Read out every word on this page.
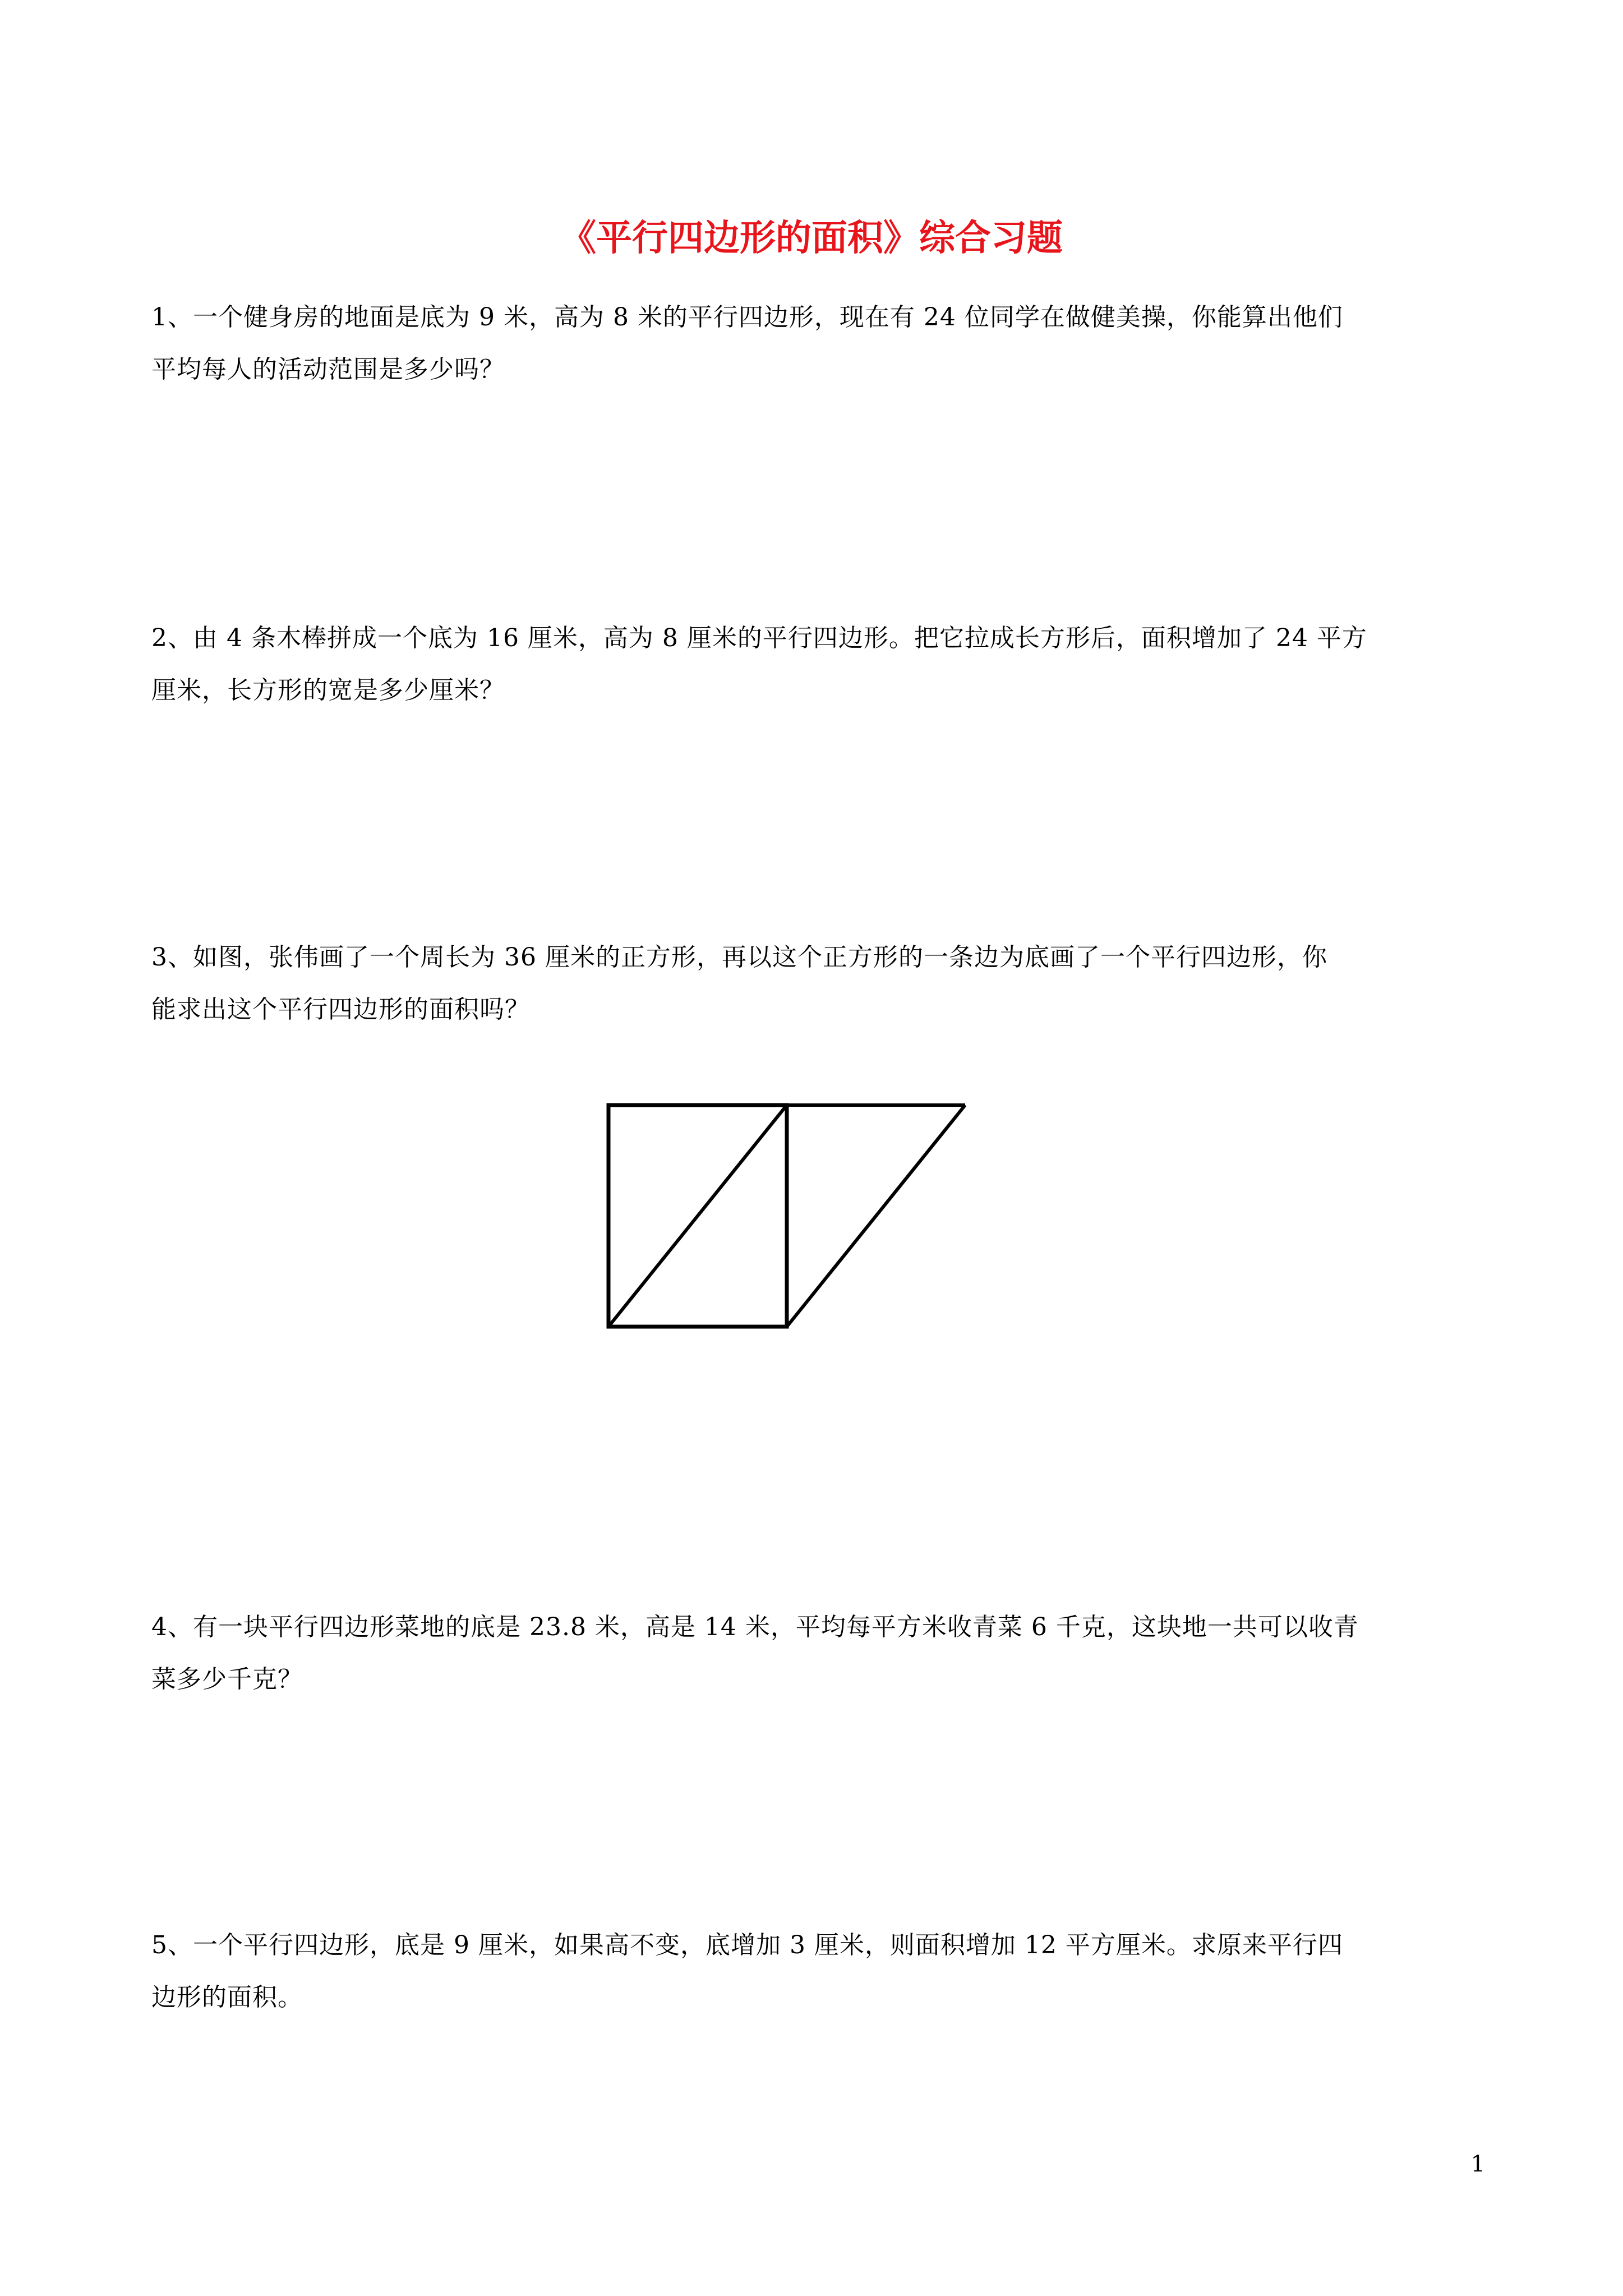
《平行四边形的面积》综合习题
1、一个健身房的地面是底为 9 米，高为 8 米的平行四边形，现在有 24 位同学在做健美操，你能算出他们
平均每人的活动范围是多少吗？
2、由 4 条木棒拼成一个底为 16 厘米，高为 8 厘米的平行四边形。把它拉成长方形后，面积增加了 24 平方
厘米，长方形的宽是多少厘米？
3、如图，张伟画了一个周长为 36 厘米的正方形，再以这个正方形的一条边为底画了一个平行四边形，你
能求出这个平行四边形的面积吗？
4、有一块平行四边形菜地的底是 23.8 米，高是 14 米，平均每平方米收青菜 6 千克，这块地一共可以收青
菜多少千克？
5、一个平行四边形，底是 9 厘米，如果高不变，底增加 3 厘米，则面积增加 12 平方厘米。求原来平行四
边形的面积。
1
